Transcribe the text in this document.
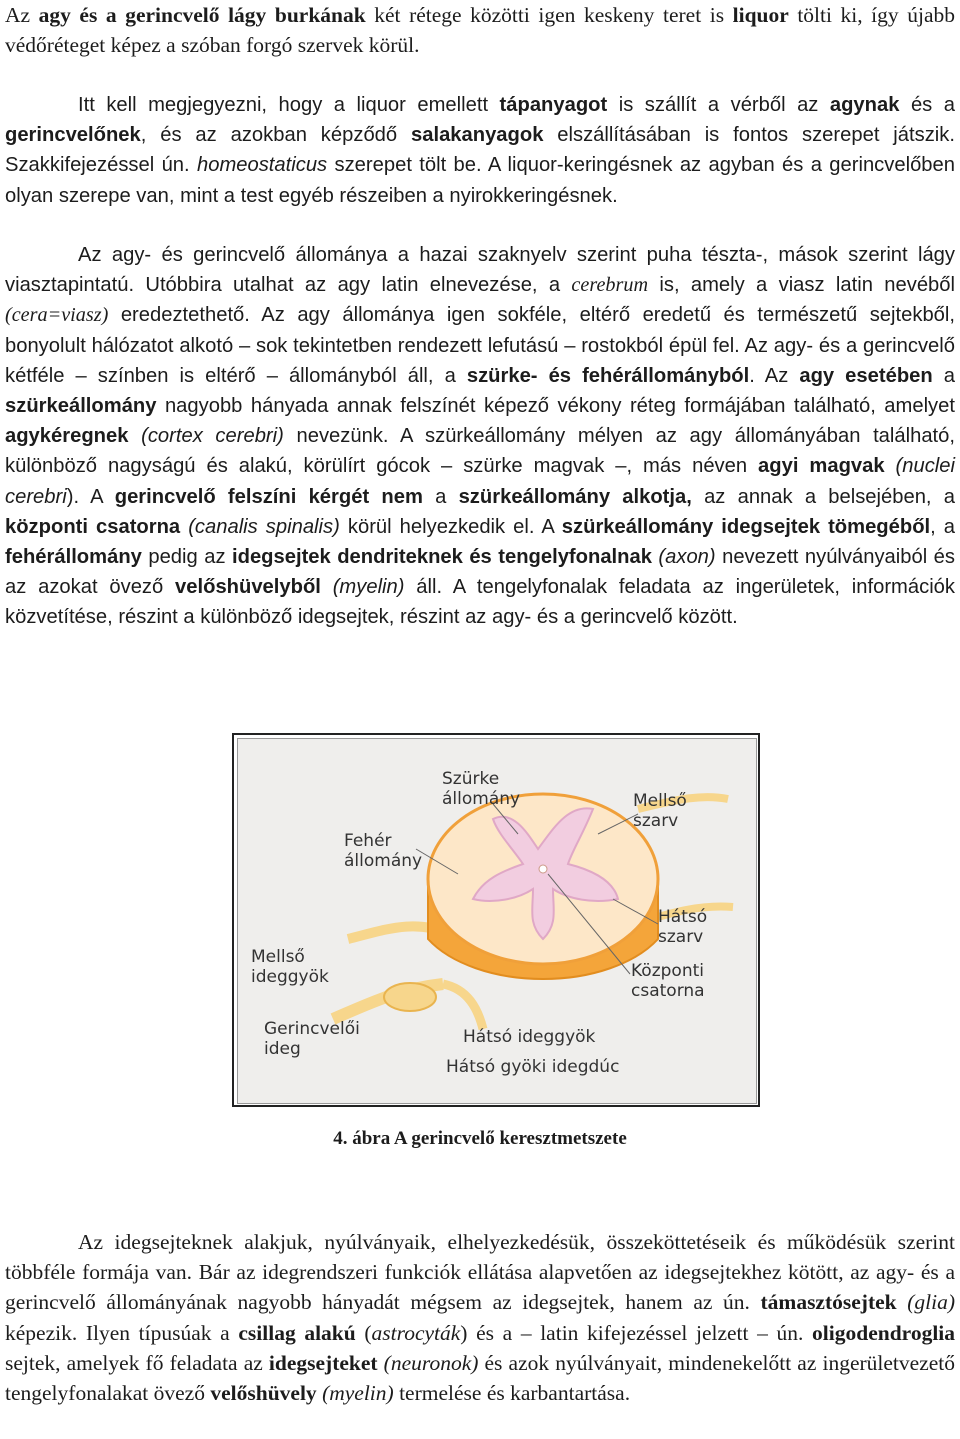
Az agy és a gerincvelő lágy burkának két rétege közötti igen keskeny teret is liquor tölti ki, így újabb védőréteget képez a szóban forgó szervek körül.

Itt kell megjegyezni, hogy a liquor emellett tápanyagot is szállít a vérből az agynak és a gerincvelőnek, és az azokban képződő salakanyagok elszállításában is fontos szerepet játszik. Szakkifejezéssel ún. homeostaticus szerepet tölt be. A liquor-keringésnek az agyban és a gerincvelőben olyan szerepe van, mint a test egyéb részeiben a nyirokkeringésnek.

Az agy- és gerincvelő állománya a hazai szaknyelv szerint puha tészta-, mások szerint lágy viasztapintatú. Utóbbira utalhat az agy latin elnevezése, a cerebrum is, amely a viasz latin nevéből (cera=viasz) eredeztethető. Az agy állománya igen sokféle, eltérő eredetű és természetű sejtekből, bonyolult hálózatot alkotó – sok tekintetben rendezett lefutású – rostokból épül fel. Az agy- és a gerincvelő kétféle – színben is eltérő – állományból áll, a szürke- és fehérállományból. Az agy esetében a szürkeállomány nagyobb hányada annak felszínét képező vékony réteg formájában található, amelyet agykéregnek (cortex cerebri) nevezünk. A szürkeállomány mélyen az agy állományában található, különböző nagyságú és alakú, körülírt gócok – szürke magvak –, más néven agyi magvak (nuclei cerebri). A gerincvelő felszíni kérgét nem a szürkeállomány alkotja, az annak a belsejében, a központi csatorna (canalis spinalis) körül helyezkedik el. A szürkeállomány idegsejtek tömegéből, a fehérállomány pedig az idegsejtek dendriteknek és tengelyfonalnak (axon) nevezett nyúlványaiból és az azokat övező velőshüvelyből (myelin) áll. A tengelyfonalak feladata az ingerületek, információk közvetítése, részint a különböző idegsejtek, részint az agy- és a gerincvelő között.

Szürke
állomány	Mellső
szarv
Fehér
állomány
Hátsó
szarv
Mellső
ideggyök	Központi
csatorna
Gerincvelői
ideg
Hátsó ideggyök
Hátsó gyöki idegdúc
4. ábra A gerincvelő keresztmetszete

Az idegsejteknek alakjuk, nyúlványaik, elhelyezkedésük, összeköttetéseik és működésük szerint többféle formája van. Bár az idegrendszeri funkciók ellátása alapvetően az idegsejtekhez kötött, az agy- és a gerincvelő állományának nagyobb hányadát mégsem az idegsejtek, hanem az ún. támasztósejtek (glia) képezik. Ilyen típusúak a csillag alakú (astrocyták) és a – latin kifejezéssel jelzett – ún. oligodendroglia sejtek, amelyek fő feladata az idegsejteket (neuronok) és azok nyúlványait, mindenekelőtt az ingerületvezető tengelyfonalakat övező velőshüvely (myelin) termelése és karbantartása.
